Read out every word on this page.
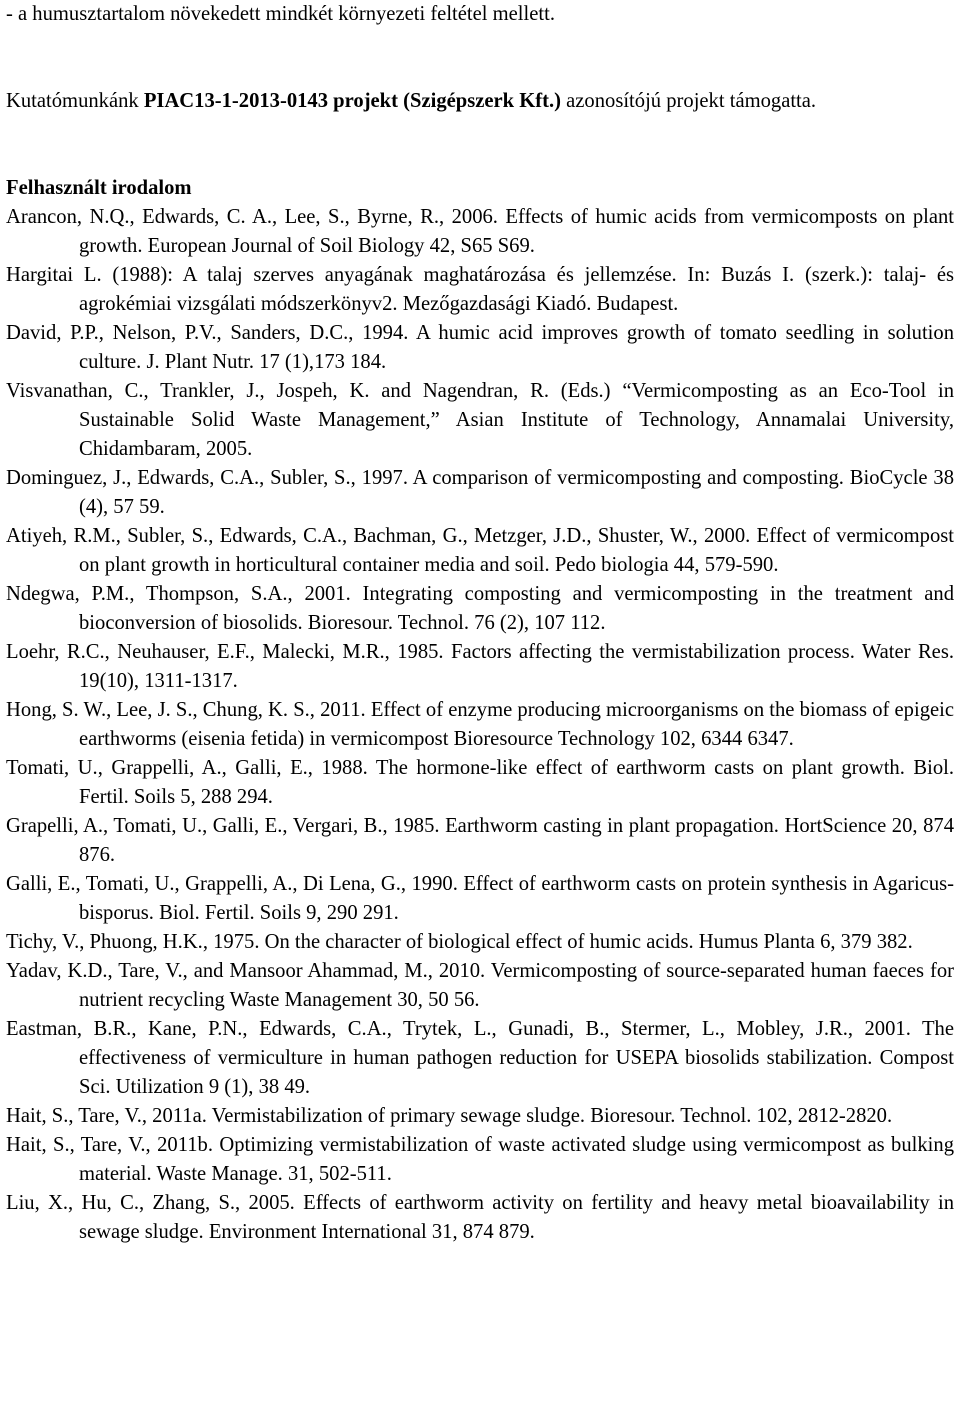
- a humusztartalom növekedett mindkét környezeti feltétel mellett.

Kutatómunkánk PIAC13-1-2013-0143 projekt (Szigépszerk Kft.) azonosítójú projekt támogatta.

Felhasznált irodalom

Arancon, N.Q., Edwards, C. A., Lee, S., Byrne, R., 2006. Effects of humic acids from vermicomposts on plant growth. European Journal of Soil Biology 42, S65 S69.
Hargitai L. (1988): A talaj szerves anyagának maghatározása és jellemzése. In: Buzás I. (szerk.): talaj- és agrokémiai vizsgálati módszerkönyv2. Mezőgazdasági Kiadó. Budapest.
David, P.P., Nelson, P.V., Sanders, D.C., 1994. A humic acid improves growth of tomato seedling in solution culture. J. Plant Nutr. 17 (1),173 184.
Visvanathan, C., Trankler, J., Jospeh, K. and Nagendran, R. (Eds.) “Vermicomposting as an Eco-Tool in Sustainable Solid Waste Management,” Asian Institute of Technology, Annamalai University, Chidambaram, 2005.
Dominguez, J., Edwards, C.A., Subler, S., 1997. A comparison of vermicomposting and composting. BioCycle 38 (4), 57 59.
Atiyeh, R.M., Subler, S., Edwards, C.A., Bachman, G., Metzger, J.D., Shuster, W., 2000. Effect of vermicompost on plant growth in horticultural container media and soil. Pedo biologia 44, 579-590.
Ndegwa, P.M., Thompson, S.A., 2001. Integrating composting and vermicomposting in the treatment and bioconversion of biosolids. Bioresour. Technol. 76 (2), 107 112.
Loehr, R.C., Neuhauser, E.F., Malecki, M.R., 1985. Factors affecting the vermistabilization process. Water Res. 19(10), 1311-1317.
Hong, S. W., Lee, J. S., Chung, K. S., 2011. Effect of enzyme producing microorganisms on the biomass of epigeic earthworms (eisenia fetida) in vermicompost Bioresource Technology 102, 6344 6347.
Tomati, U., Grappelli, A., Galli, E., 1988. The hormone-like effect of earthworm casts on plant growth. Biol. Fertil. Soils 5, 288 294.
Grapelli, A., Tomati, U., Galli, E., Vergari, B., 1985. Earthworm casting in plant propagation. HortScience 20, 874 876.
Galli, E., Tomati, U., Grappelli, A., Di Lena, G., 1990. Effect of earthworm casts on protein synthesis in Agaricus-bisporus. Biol. Fertil. Soils 9, 290 291.
Tichy, V., Phuong, H.K., 1975. On the character of biological effect of humic acids. Humus Planta 6, 379 382.
Yadav, K.D., Tare, V., and Mansoor Ahammad, M., 2010. Vermicomposting of source-separated human faeces for nutrient recycling Waste Management 30, 50 56.
Eastman, B.R., Kane, P.N., Edwards, C.A., Trytek, L., Gunadi, B., Stermer, L., Mobley, J.R., 2001. The effectiveness of vermiculture in human pathogen reduction for USEPA biosolids stabilization. Compost Sci. Utilization 9 (1), 38 49.
Hait, S., Tare, V., 2011a. Vermistabilization of primary sewage sludge. Bioresour. Technol. 102, 2812-2820.
Hait, S., Tare, V., 2011b. Optimizing vermistabilization of waste activated sludge using vermicompost as bulking material. Waste Manage. 31, 502-511.
Liu, X., Hu, C., Zhang, S., 2005. Effects of earthworm activity on fertility and heavy metal bioavailability in sewage sludge. Environment International 31, 874 879.
